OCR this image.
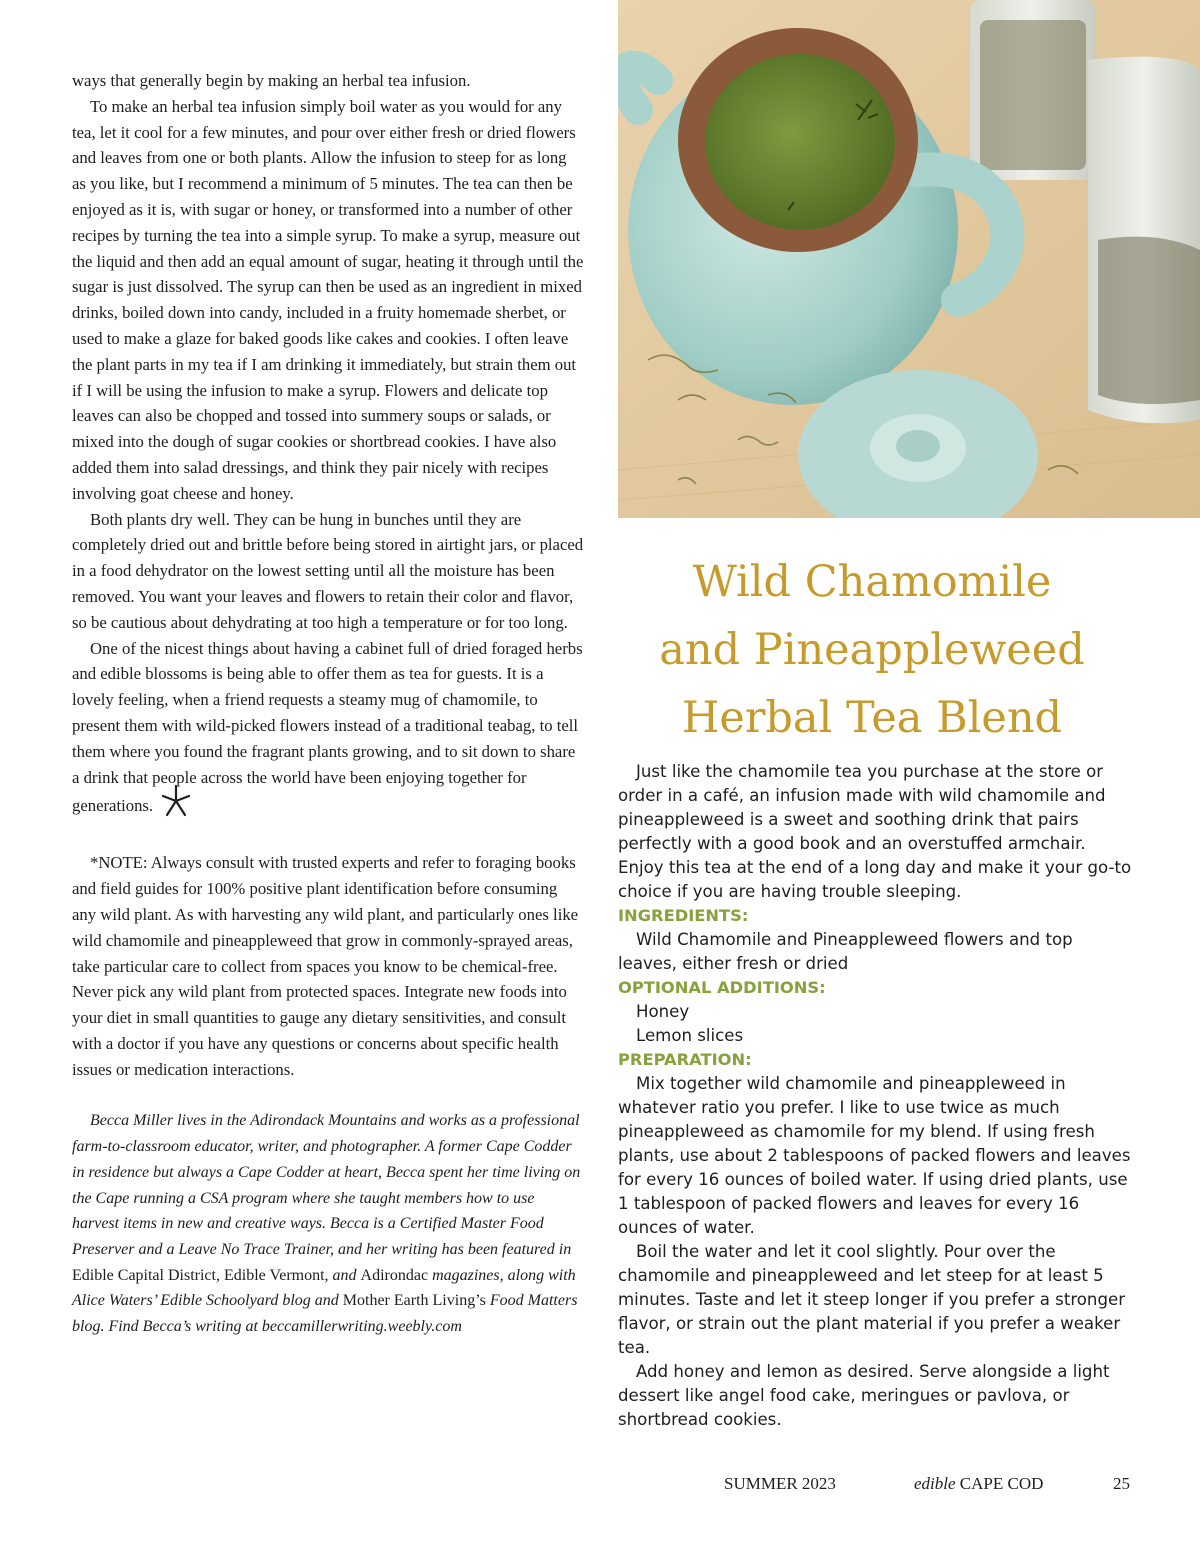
ways that generally begin by making an herbal tea infusion.

To make an herbal tea infusion simply boil water as you would for any tea, let it cool for a few minutes, and pour over either fresh or dried flowers and leaves from one or both plants. Allow the infusion to steep for as long as you like, but I recommend a minimum of 5 minutes. The tea can then be enjoyed as it is, with sugar or honey, or transformed into a number of other recipes by turning the tea into a simple syrup. To make a syrup, measure out the liquid and then add an equal amount of sugar, heating it through until the sugar is just dissolved. The syrup can then be used as an ingredient in mixed drinks, boiled down into candy, included in a fruity homemade sherbet, or used to make a glaze for baked goods like cakes and cookies. I often leave the plant parts in my tea if I am drinking it immediately, but strain them out if I will be using the infusion to make a syrup. Flowers and delicate top leaves can also be chopped and tossed into summery soups or salads, or mixed into the dough of sugar cookies or shortbread cookies. I have also added them into salad dressings, and think they pair nicely with recipes involving goat cheese and honey.

Both plants dry well. They can be hung in bunches until they are completely dried out and brittle before being stored in airtight jars, or placed in a food dehydrator on the lowest setting until all the moisture has been removed. You want your leaves and flowers to retain their color and flavor, so be cautious about dehydrating at too high a temperature or for too long.

One of the nicest things about having a cabinet full of dried foraged herbs and edible blossoms is being able to offer them as tea for guests. It is a lovely feeling, when a friend requests a steamy mug of chamomile, to present them with wild-picked flowers instead of a traditional teabag, to tell them where you found the fragrant plants growing, and to sit down to share a drink that people across the world have been enjoying together for generations.

*NOTE: Always consult with trusted experts and refer to foraging books and field guides for 100% positive plant identification before consuming any wild plant. As with harvesting any wild plant, and particularly ones like wild chamomile and pineappleweed that grow in commonly-sprayed areas, take particular care to collect from spaces you know to be chemical-free. Never pick any wild plant from protected spaces. Integrate new foods into your diet in small quantities to gauge any dietary sensitivities, and consult with a doctor if you have any questions or concerns about specific health issues or medication interactions.

Becca Miller lives in the Adirondack Mountains and works as a professional farm-to-classroom educator, writer, and photographer. A former Cape Codder in residence but always a Cape Codder at heart, Becca spent her time living on the Cape running a CSA program where she taught members how to use harvest items in new and creative ways. Becca is a Certified Master Food Preserver and a Leave No Trace Trainer, and her writing has been featured in Edible Capital District, Edible Vermont, and Adirondac magazines, along with Alice Waters’ Edible Schoolyard blog and Mother Earth Living’s Food Matters blog. Find Becca’s writing at beccamillerwriting.weebly.com

Wild Chamomile
and Pineappleweed
Herbal Tea Blend

Just like the chamomile tea you purchase at the store or order in a café, an infusion made with wild chamomile and pineappleweed is a sweet and soothing drink that pairs perfectly with a good book and an overstuffed armchair. Enjoy this tea at the end of a long day and make it your go-to choice if you are having trouble sleeping.

INGREDIENTS:

Wild Chamomile and Pineappleweed flowers and top leaves, either fresh or dried

OPTIONAL ADDITIONS:

Honey

Lemon slices

PREPARATION:

Mix together wild chamomile and pineappleweed in whatever ratio you prefer. I like to use twice as much pineappleweed as chamomile for my blend. If using fresh plants, use about 2 tablespoons of packed flowers and leaves for every 16 ounces of boiled water. If using dried plants, use 1 tablespoon of packed flowers and leaves for every 16 ounces of water.

Boil the water and let it cool slightly. Pour over the chamomile and pineappleweed and let steep for at least 5 minutes. Taste and let it steep longer if you prefer a stronger flavor, or strain out the plant material if you prefer a weaker tea.

Add honey and lemon as desired. Serve alongside a light dessert like angel food cake, meringues or pavlova, or shortbread cookies.

SUMMER 2023	edible CAPE COD	25
